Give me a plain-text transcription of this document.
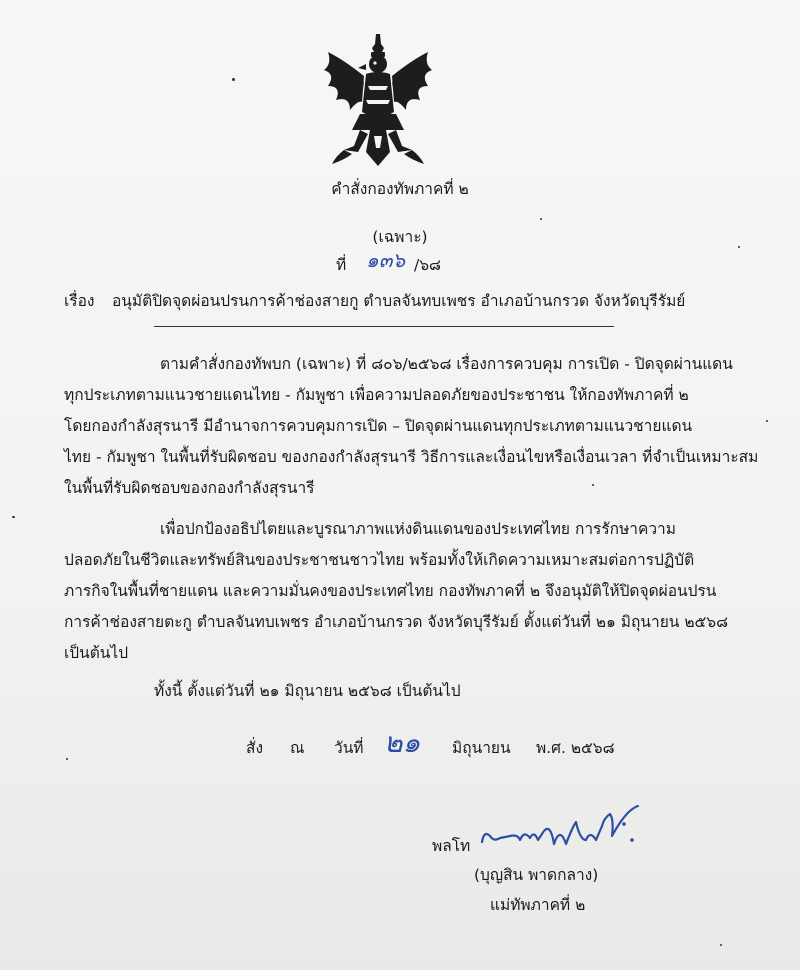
คำสั่งกองทัพภาคที่ ๒
(เฉพาะ)
ที่ ๑๓๖ /๖๘
เรื่อง อนุมัติปิดจุดผ่อนปรนการค้าช่องสายกู ตำบลจันทบเพชร อำเภอบ้านกรวด จังหวัดบุรีรัมย์
ตามคำสั่งกองทัพบก (เฉพาะ) ที่ ๘๐๖/๒๕๖๘ เรื่องการควบคุม การเปิด - ปิดจุดผ่านแดน
ทุกประเภทตามแนวชายแดนไทย - กัมพูชา เพื่อความปลอดภัยของประชาชน ให้กองทัพภาคที่ ๒
โดยกองกำลังสุรนารี มีอำนาจการควบคุมการเปิด – ปิดจุดผ่านแดนทุกประเภทตามแนวชายแดน
ไทย - กัมพูชา ในพื้นที่รับผิดชอบ ของกองกำลังสุรนารี วิธีการและเงื่อนไขหรือเงื่อนเวลา ที่จำเป็นเหมาะสม
ในพื้นที่รับผิดชอบของกองกำลังสุรนารี
เพื่อปกป้องอธิปไตยและบูรณาภาพแห่งดินแดนของประเทศไทย การรักษาความ
ปลอดภัยในชีวิตและทรัพย์สินของประชาชนชาวไทย พร้อมทั้งให้เกิดความเหมาะสมต่อการปฏิบัติ
ภารกิจในพื้นที่ชายแดน และความมั่นคงของประเทศไทย กองทัพภาคที่ ๒ จึงอนุมัติให้ปิดจุดผ่อนปรน
การค้าช่องสายตะกู ตำบลจันทบเพชร อำเภอบ้านกรวด จังหวัดบุรีรัมย์ ตั้งแต่วันที่ ๒๑ มิถุนายน ๒๕๖๘
เป็นต้นไป
ทั้งนี้ ตั้งแต่วันที่ ๒๑ มิถุนายน ๒๕๖๘ เป็นต้นไป
สั่ง ณ วันที่ ๒๑ มิถุนายน พ.ศ. ๒๕๖๘
พลโท
(บุญสิน พาดกลาง)
แม่ทัพภาคที่ ๒
